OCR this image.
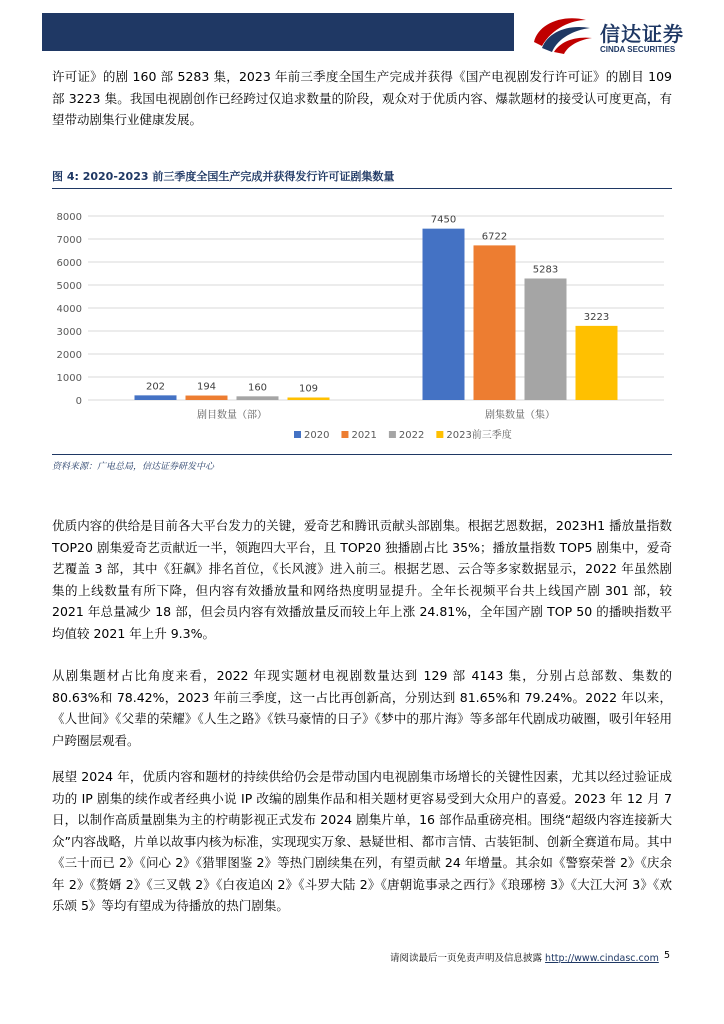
信达证券
CINDA SECURITIES

许可证》的剧 160 部 5283 集，2023 年前三季度全国生产完成并获得《国产电视剧发行许可证》的剧目 109 部 3223 集。我国电视剧创作已经跨过仅追求数量的阶段，观众对于优质内容、爆款题材的接受认可度更高，有望带动剧集行业健康发展。

图 4: 2020-2023 前三季度全国生产完成并获得发行许可证剧集数量
0
1000
2000
3000
4000
5000
6000
7000
8000
202	194	160	109
7450
6722
5283
3223
剧目数量（部）	剧集数量（集）
2020 2021 2022 2023前三季度
资料来源：广电总局，信达证券研发中心

优质内容的供给是目前各大平台发力的关键，爱奇艺和腾讯贡献头部剧集。根据艺恩数据，2023H1 播放量指数 TOP20 剧集爱奇艺贡献近一半，领跑四大平台，且 TOP20 独播剧占比 35%；播放量指数 TOP5 剧集中，爱奇艺覆盖 3 部，其中《狂飙》排名首位，《长风渡》进入前三。根据艺恩、云合等多家数据显示，2022 年虽然剧集的上线数量有所下降，但内容有效播放量和网络热度明显提升。全年长视频平台共上线国产剧 301 部，较 2021 年总量减少 18 部，但会员内容有效播放量反而较上年上涨 24.81%，全年国产剧 TOP 50 的播映指数平均值较 2021 年上升 9.3%。

从剧集题材占比角度来看，2022 年现实题材电视剧数量达到 129 部 4143 集，分别占总部数、集数的 80.63%和 78.42%，2023 年前三季度，这一占比再创新高，分别达到 81.65%和 79.24%。2022 年以来，《人世间》《父辈的荣耀》《人生之路》《铁马豪情的日子》《梦中的那片海》等多部年代剧成功破圈，吸引年轻用户跨圈层观看。

展望 2024 年，优质内容和题材的持续供给仍会是带动国内电视剧集市场增长的关键性因素，尤其以经过验证成功的 IP 剧集的续作或者经典小说 IP 改编的剧集作品和相关题材更容易受到大众用户的喜爱。2023 年 12 月 7 日，以制作高质量剧集为主的柠萌影视正式发布 2024 剧集片单，16 部作品重磅亮相。围绕“超级内容连接新大众”内容战略，片单以故事内核为标准，实现现实万象、悬疑世相、都市言情、古装钜制、创新全赛道布局。其中《三十而已 2》《问心 2》《猎罪图鉴 2》等热门剧续集在列，有望贡献 24 年增量。其余如《警察荣誉 2》《庆余年 2》《赘婿 2》《三叉戟 2》《白夜追凶 2》《斗罗大陆 2》《唐朝诡事录之西行》《琅琊榜 3》《大江大河 3》《欢乐颂 5》等均有望成为待播放的热门剧集。

请阅读最后一页免责声明及信息披露 http://www.cindasc.com 5
